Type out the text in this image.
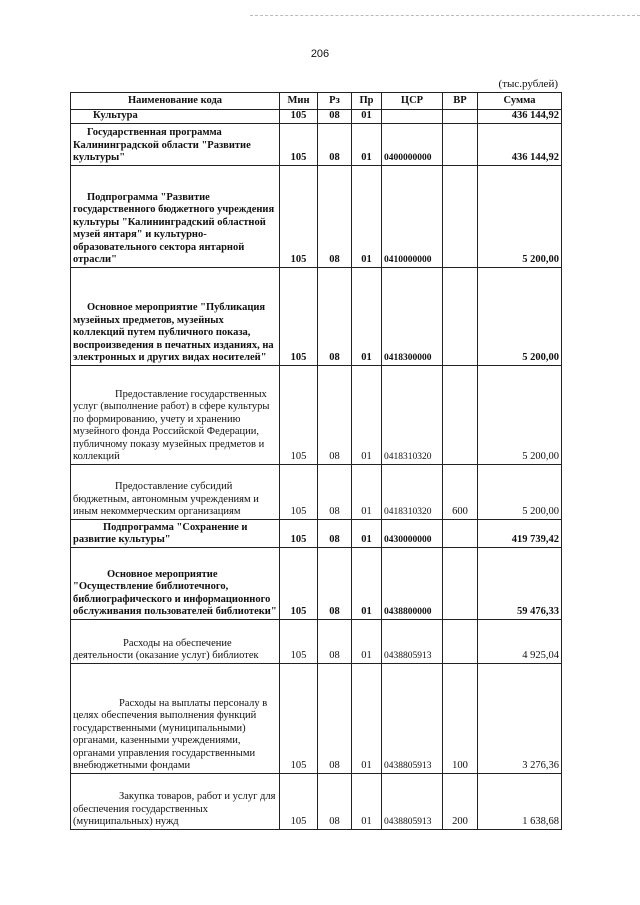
206
(тыс.рублей)
Наименование кода	Мин	Рз	Пр	ЦСР	ВР	Сумма
Культура	105	08	01			436 144,92
Государственная программа Калининградской области "Развитие культуры"	105	08	01	0400000000		436 144,92
Подпрограмма "Развитие государственного бюджетного учреждения культуры "Калининградский областной музей янтаря" и культурно-образовательного сектора янтарной отрасли"	105	08	01	0410000000		5 200,00
Основное мероприятие "Публикация музейных предметов, музейных коллекций путем публичного показа, воспроизведения в печатных изданиях, на электронных и других видах носителей"	105	08	01	0418300000		5 200,00
Предоставление государственных услуг (выполнение работ) в сфере культуры по формированию, учету и хранению музейного фонда Российской Федерации, публичному показу музейных предметов и коллекций	105	08	01	0418310320		5 200,00
Предоставление субсидий бюджетным, автономным учреждениям и иным некоммерческим организациям	105	08	01	0418310320	600	5 200,00
Подпрограмма "Сохранение и развитие культуры"	105	08	01	0430000000		419 739,42
Основное мероприятие "Осуществление библиотечного, библиографического и информационного обслуживания пользователей библиотеки"	105	08	01	0438800000		59 476,33
Расходы на обеспечение деятельности (оказание услуг) библиотек	105	08	01	0438805913		4 925,04
Расходы на выплаты персоналу в целях обеспечения выполнения функций государственными (муниципальными) органами, казенными учреждениями, органами управления государственными внебюджетными фондами	105	08	01	0438805913	100	3 276,36
Закупка товаров, работ и услуг для обеспечения государственных (муниципальных) нужд	105	08	01	0438805913	200	1 638,68
